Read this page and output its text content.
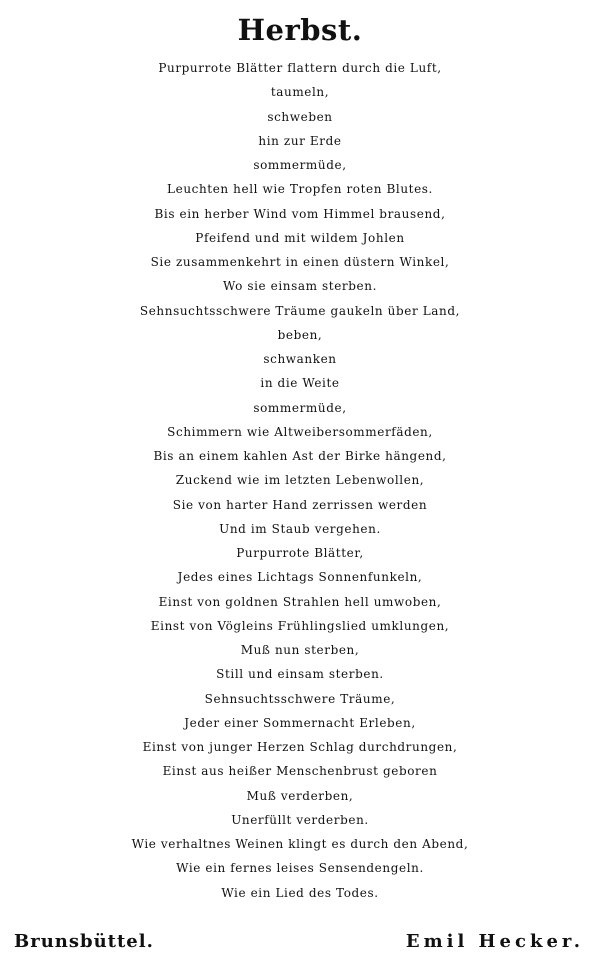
Herbst.
Purpurrote Blätter flattern durch die Luft,
taumeln,
schweben
hin zur Erde
sommermüde,
Leuchten hell wie Tropfen roten Blutes.
Bis ein herber Wind vom Himmel brausend,
Pfeifend und mit wildem Johlen
Sie zusammenkehrt in einen düstern Winkel,
Wo sie einsam sterben.
Sehnsuchtsschwere Träume gaukeln über Land,
beben,
schwanken
in die Weite
sommermüde,
Schimmern wie Altweibersommerfäden,
Bis an einem kahlen Ast der Birke hängend,
Zuckend wie im letzten Lebenwollen,
Sie von harter Hand zerrissen werden
Und im Staub vergehen.
Purpurrote Blätter,
Jedes eines Lichtags Sonnenfunkeln,
Einst von goldnen Strahlen hell umwoben,
Einst von Vögleins Frühlingslied umklungen,
Muß nun sterben,
Still und einsam sterben.
Sehnsuchtsschwere Träume,
Jeder einer Sommernacht Erleben,
Einst von junger Herzen Schlag durchdrungen,
Einst aus heißer Menschenbrust geboren
Muß verderben,
Unerfüllt verderben.
Wie verhaltnes Weinen klingt es durch den Abend,
Wie ein fernes leises Sensendengeln.
Wie ein Lied des Todes.
Brunsbüttel.	Emil Hecker.
